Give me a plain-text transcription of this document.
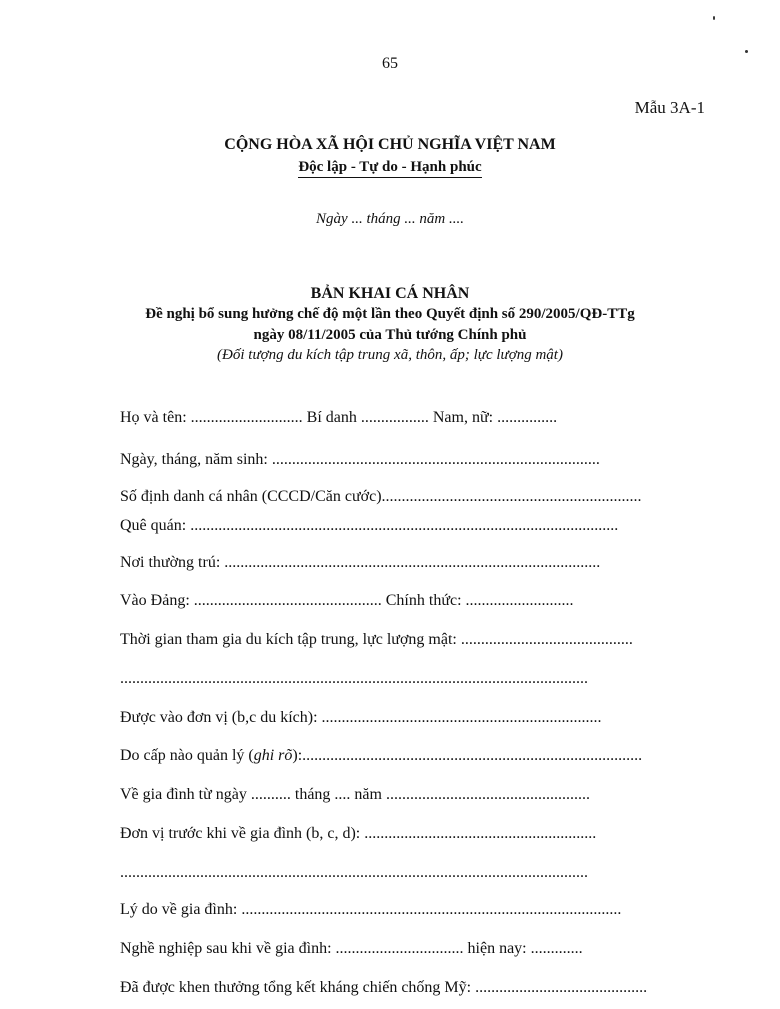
65
Mẫu 3A-1
CỘNG HÒA XÃ HỘI CHỦ NGHĨA VIỆT NAM
Độc lập - Tự do - Hạnh phúc
Ngày ... tháng ... năm ....
BẢN KHAI CÁ NHÂN
Đề nghị bổ sung hưởng chế độ một lần theo Quyết định số 290/2005/QĐ-TTg
ngày 08/11/2005 của Thủ tướng Chính phủ
(Đối tượng du kích tập trung xã, thôn, ấp; lực lượng mật)
Họ và tên: ............................ Bí danh ................. Nam, nữ: ...............
Ngày, tháng, năm sinh: ..................................................................................
Số định danh cá nhân (CCCD/Căn cước).................................................................
Quê quán: ...........................................................................................................
Nơi thường trú: ..............................................................................................
Vào Đảng: ............................................... Chính thức: ...........................
Thời gian tham gia du kích tập trung, lực lượng mật: ...........................................
.....................................................................................................................
Được vào đơn vị (b,c du kích): ......................................................................
Do cấp nào quản lý (ghi rõ):.....................................................................................
Về gia đình từ ngày .......... tháng .... năm ...................................................
Đơn vị trước khi về gia đình (b, c, d): ..........................................................
.....................................................................................................................
Lý do về gia đình: ...............................................................................................
Nghề nghiệp sau khi về gia đình: ................................ hiện nay: .............
Đã được khen thưởng tổng kết kháng chiến chống Mỹ: ...........................................
